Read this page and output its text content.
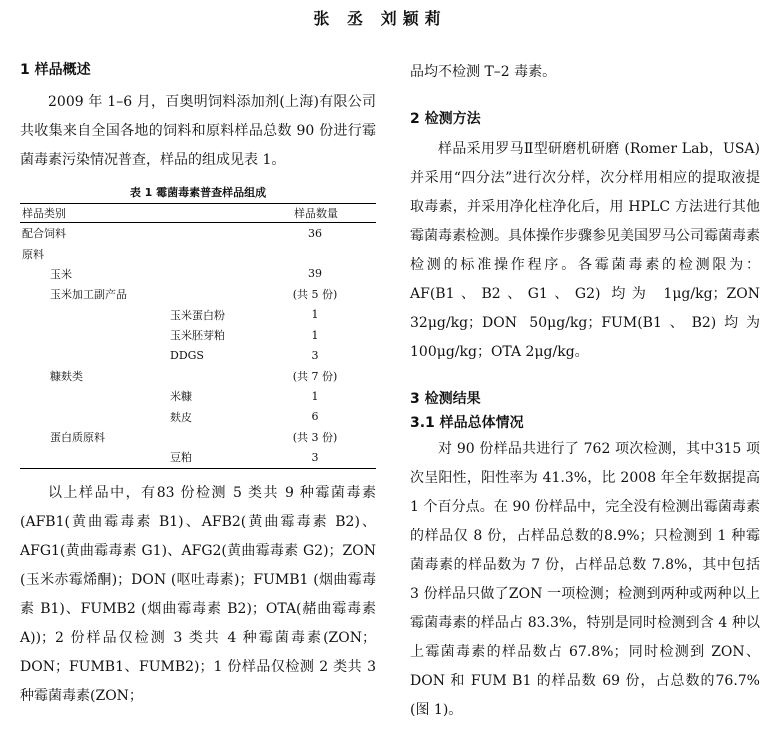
张 丞 刘颖莉

1 样品概述

2009 年 1–6 月，百奥明饲料添加剂(上海)有限公司共收集来自全国各地的饲料和原料样品总数 90 份进行霉菌毒素污染情况普查，样品的组成见表 1。

表 1 霉菌毒素普查样品组成
样品类别	样品数量
配合饲料	36
原料	
玉米	39
玉米加工副产品	(共 5 份)
玉米蛋白粉	1
玉米胚芽粕	1
DDGS	3
糠麸类	(共 7 份)
米糠	1
麸皮	6
蛋白质原料	(共 3 份)
豆粕	3

以上样品中，有83 份检测 5 类共 9 种霉菌毒素(AFB1(黄曲霉毒素 B1)、AFB2(黄曲霉毒素 B2)、AFG1(黄曲霉毒素 G1)、AFG2(黄曲霉毒素 G2)；ZON (玉米赤霉烯酮)；DON (呕吐毒素)；FUMB1 (烟曲霉毒素 B1)、FUMB2 (烟曲霉毒素 B2)；OTA(赭曲霉毒素 A))；2 份样品仅检测 3 类共 4 种霉菌毒素(ZON；DON；FUMB1、FUMB2)；1 份样品仅检测 2 类共 3 种霉菌毒素(ZON；

品均不检测 T–2 毒素。

2 检测方法

样品采用罗马Ⅱ型研磨机研磨 (Romer Lab，USA)并采用“四分法”进行次分样，次分样用相应的提取液提取毒素，并采用净化柱净化后，用 HPLC 方法进行其他霉菌毒素检测。具体操作步骤参见美国罗马公司霉菌毒素检测的标准操作程序。各霉菌毒素的检测限为：AF(B1、B2、G1、G2) 均为 1μg/kg；ZON 32μg/kg；DON 50μg/kg；FUM(B1、B2)均为 100μg/kg；OTA 2μg/kg。

3 检测结果

3.1 样品总体情况

对 90 份样品共进行了 762 项次检测，其中315 项次呈阳性，阳性率为 41.3%，比 2008 年全年数据提高 1 个百分点。在 90 份样品中，完全没有检测出霉菌毒素的样品仅 8 份，占样品总数的8.9%；只检测到 1 种霉菌毒素的样品数为 7 份，占样品总数 7.8%，其中包括 3 份样品只做了ZON 一项检测；检测到两种或两种以上霉菌毒素的样品占 83.3%，特别是同时检测到含 4 种以上霉菌毒素的样品数占 67.8%；同时检测到 ZON、DON 和 FUM B1 的样品数 69 份，占总数的76.7%(图 1)。
